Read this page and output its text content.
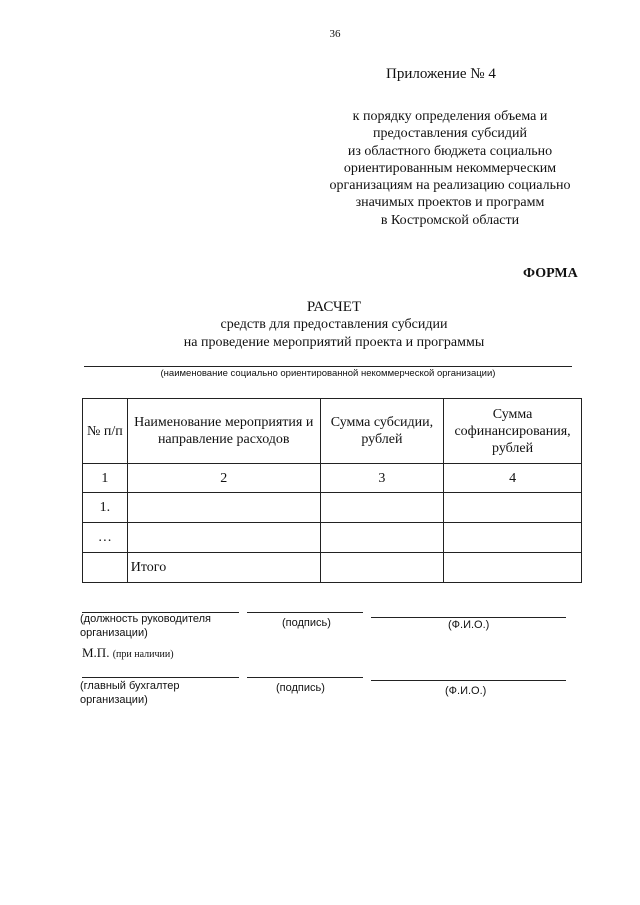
36
Приложение № 4
к порядку определения объема и
предоставления субсидий
из областного бюджета социально
ориентированным некоммерческим
организациям на реализацию социально
значимых проектов и программ
в Костромской области
ФОРМА
РАСЧЕТ
средств для предоставления субсидии
на проведение мероприятий проекта и программы
(наименование социально ориентированной некоммерческой организации)
№ п/п	Наименование мероприятия и направление расходов	Сумма субсидии, рублей	Сумма софинансирования, рублей
1	2	3	4
1.			
…			
	Итого		
(должность руководителя
организации)
(подпись)	(Ф.И.О.)
М.П. (при наличии)
(главный бухгалтер
организации)
(подпись)	(Ф.И.О.)
